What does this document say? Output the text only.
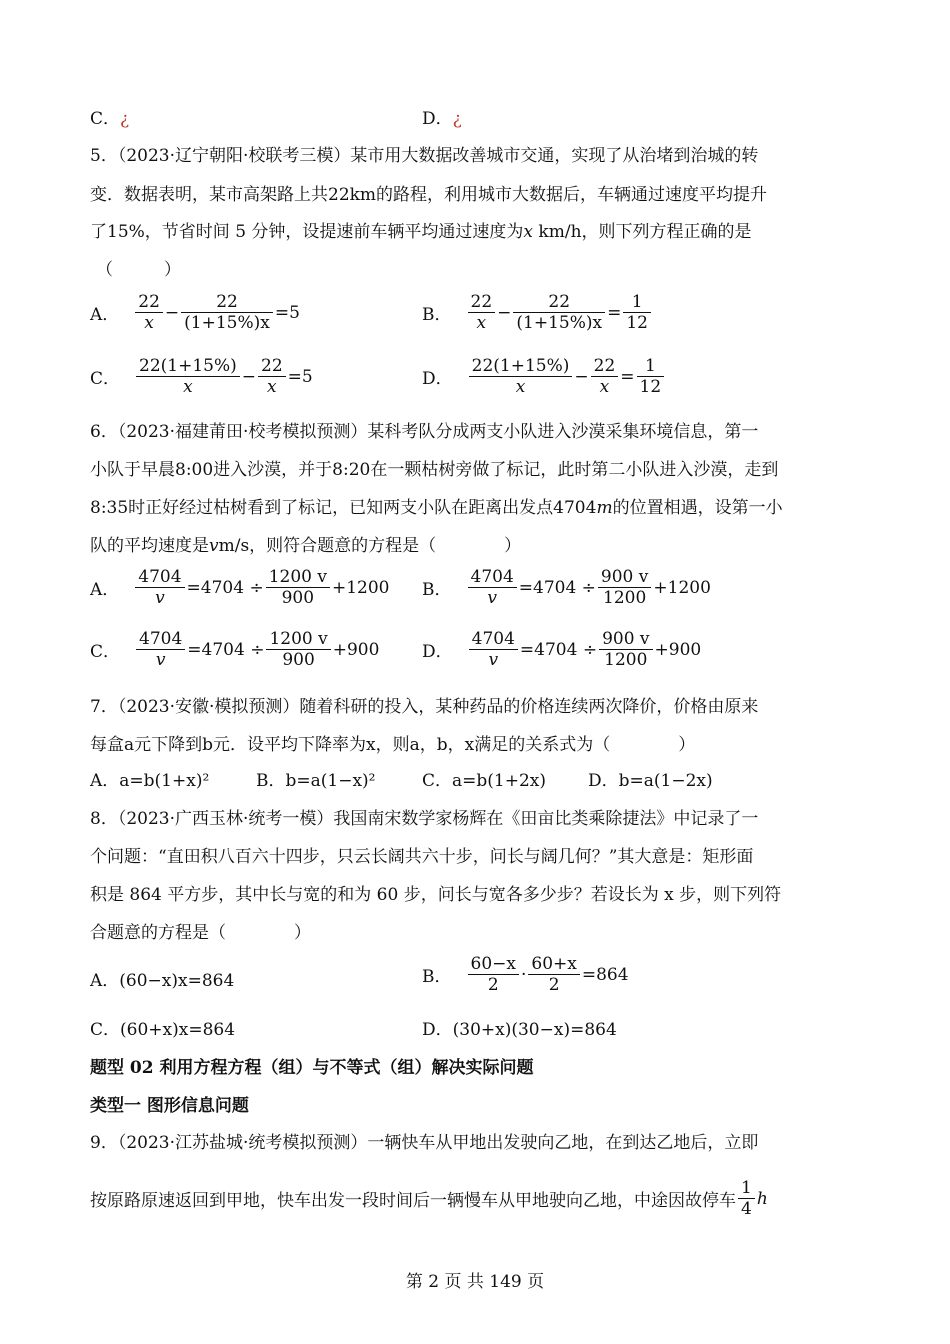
C．¿	D．¿
5．（2023·辽宁朝阳·校联考三模）某市用大数据改善城市交通，实现了从治堵到治城的转
变．数据表明，某市高架路上共22km的路程，利用城市大数据后，车辆通过速度平均提升
了15%，节省时间 5 分钟，设提速前车辆平均通过速度为x km/h，则下列方程正确的是
（　　　）
A． $\frac{22}{x} - \frac{22}{(1+15\%)x} =5$	B． $\frac{22}{x} - \frac{22}{(1+15\%)x} = \frac{1}{12}$
C． $\frac{22(1+15\%)}{x} - \frac{22}{x} =5$	D． $\frac{22(1+15\%)}{x} - \frac{22}{x} = \frac{1}{12}$
6．（2023·福建莆田·校考模拟预测）某科考队分成两支小队进入沙漠采集环境信息，第一
小队于早晨8:00进入沙漠，并于8:20在一颗枯树旁做了标记，此时第二小队进入沙漠，走到
8:35时正好经过枯树看到了标记，已知两支小队在距离出发点4704m的位置相遇，设第一小
队的平均速度是vm/s，则符合题意的方程是（　　　　）
A． $\frac{4704}{v} =4704 \div \frac{1200 v}{900} +1200$ B． $\frac{4704}{v} =4704 \div \frac{900 v}{1200} +1200$
C． $\frac{4704}{v} =4704 \div \frac{1200 v}{900} +900$	D． $\frac{4704}{v} =4704 \div \frac{900 v}{1200} +900$
7．（2023·安徽·模拟预测）随着科研的投入，某种药品的价格连续两次降价，价格由原来
每盒a元下降到b元．设平均下降率为x，则a，b，x满足的关系式为（　　　　）
A．a=b(1+x)²	B．b=a(1−x)²	C．a=b(1+2x) D．b=a(1−2x)
8．（2023·广西玉林·统考一模）我国南宋数学家杨辉在《田亩比类乘除捷法》中记录了一
个问题：“直田积八百六十四步，只云长阔共六十步，问长与阔几何？”其大意是：矩形面
积是 864 平方步，其中长与宽的和为 60 步，问长与宽各多少步？若设长为 x 步，则下列符
合题意的方程是（　　　　）
A．(60−x)x=864	B． $\frac{60-x}{2} \cdot \frac{60+x}{2} =864$
C．(60+x)x=864	D．(30+x)(30−x)=864
题型 02 利用方程方程（组）与不等式（组）解决实际问题
类型一 图形信息问题
9．（2023·江苏盐城·统考模拟预测）一辆快车从甲地出发驶向乙地，在到达乙地后，立即
按原路原速返回到甲地，快车出发一段时间后一辆慢车从甲地驶向乙地，中途因故停车 $\frac{1}{4}$ h
第 2 页 共 149 页
